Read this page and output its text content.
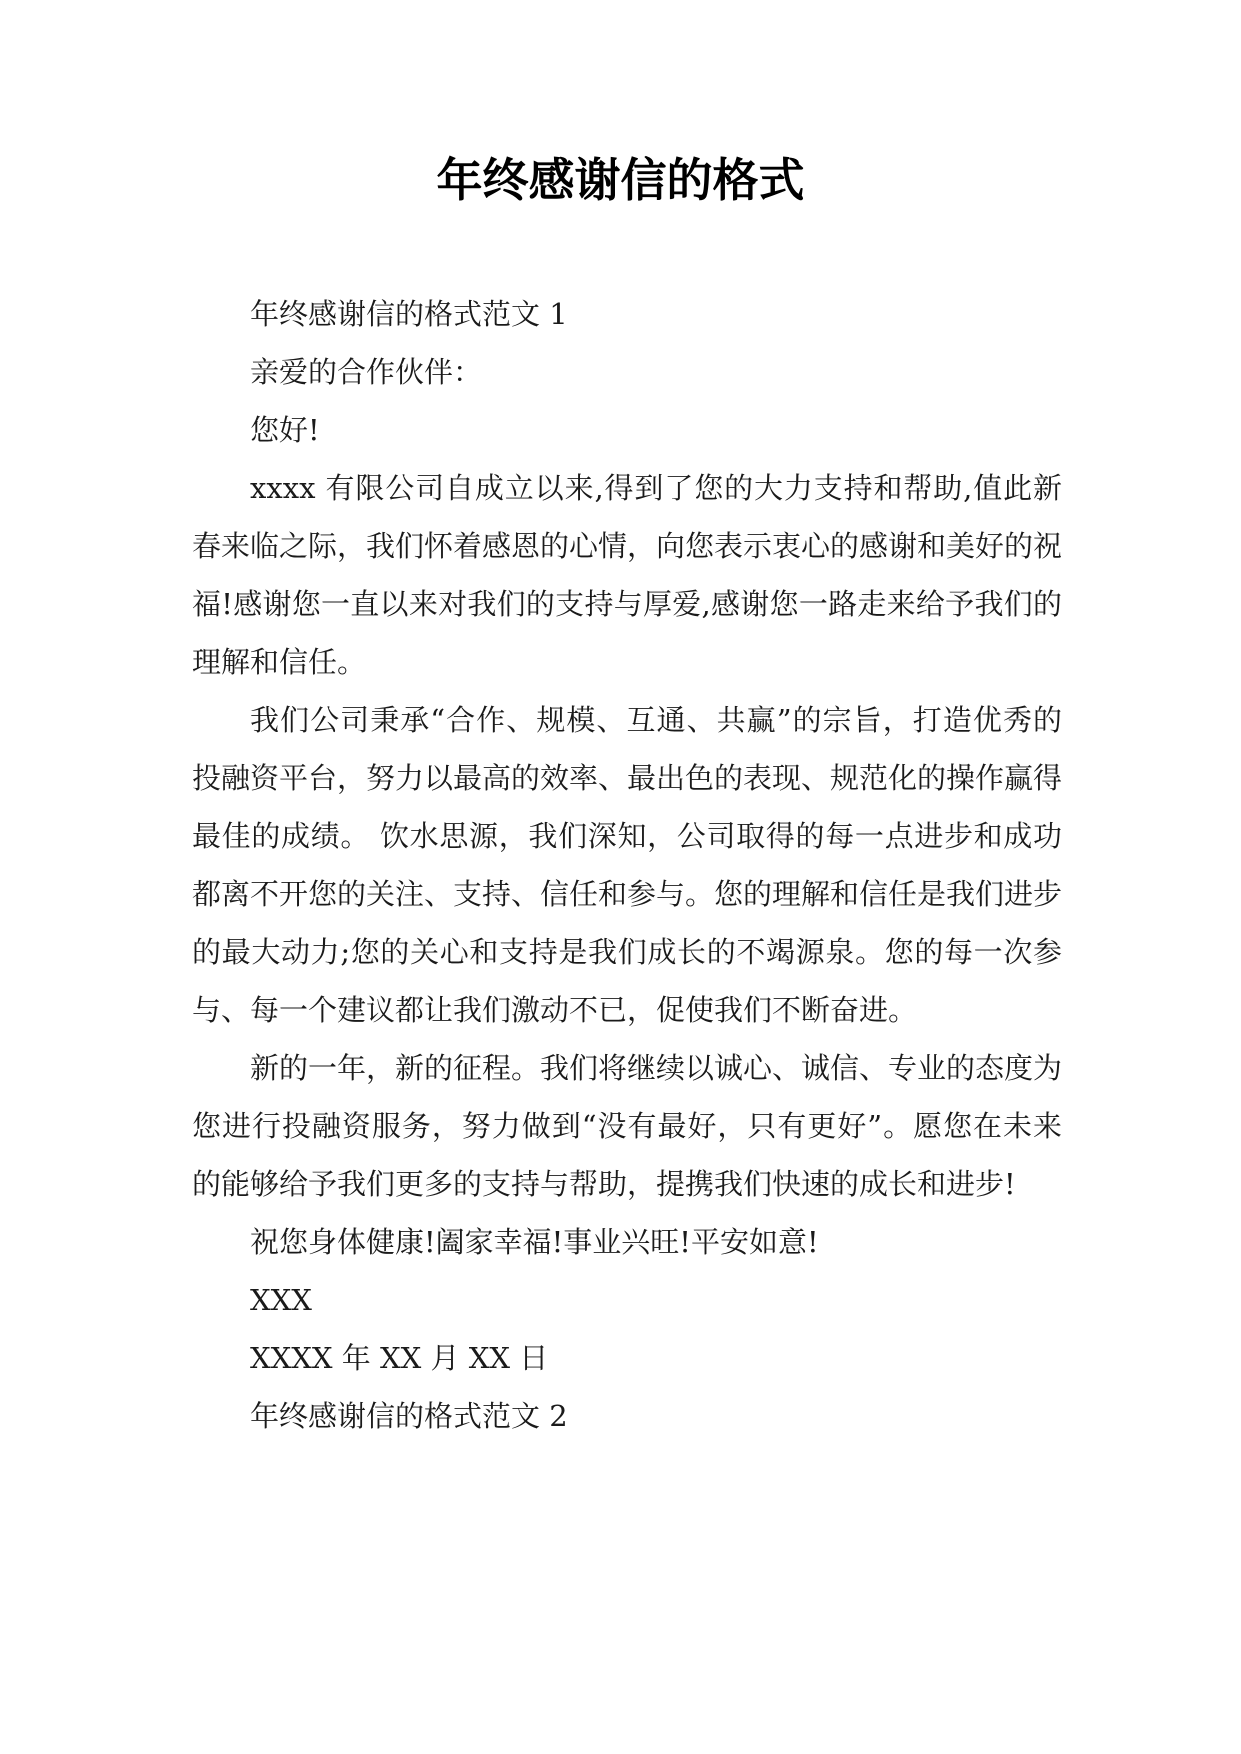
年终感谢信的格式

年终感谢信的格式范文 1

亲爱的合作伙伴：

您好!

xxxx 有限公司自成立以来,得到了您的大力支持和帮助,值此新春来临之际，我们怀着感恩的心情，向您表示衷心的感谢和美好的祝福!感谢您一直以来对我们的支持与厚爱,感谢您一路走来给予我们的理解和信任。

我们公司秉承“合作、规模、互通、共赢”的宗旨，打造优秀的投融资平台，努力以最高的效率、最出色的表现、规范化的操作赢得最佳的成绩。 饮水思源，我们深知，公司取得的每一点进步和成功都离不开您的关注、支持、信任和参与。您的理解和信任是我们进步的最大动力;您的关心和支持是我们成长的不竭源泉。您的每一次参与、每一个建议都让我们激动不已，促使我们不断奋进。

新的一年，新的征程。我们将继续以诚心、诚信、专业的态度为您进行投融资服务，努力做到“没有最好，只有更好”。愿您在未来的能够给予我们更多的支持与帮助，提携我们快速的成长和进步!

祝您身体健康!阖家幸福!事业兴旺!平安如意!

XXX

XXXX 年 XX 月 XX 日

年终感谢信的格式范文 2
